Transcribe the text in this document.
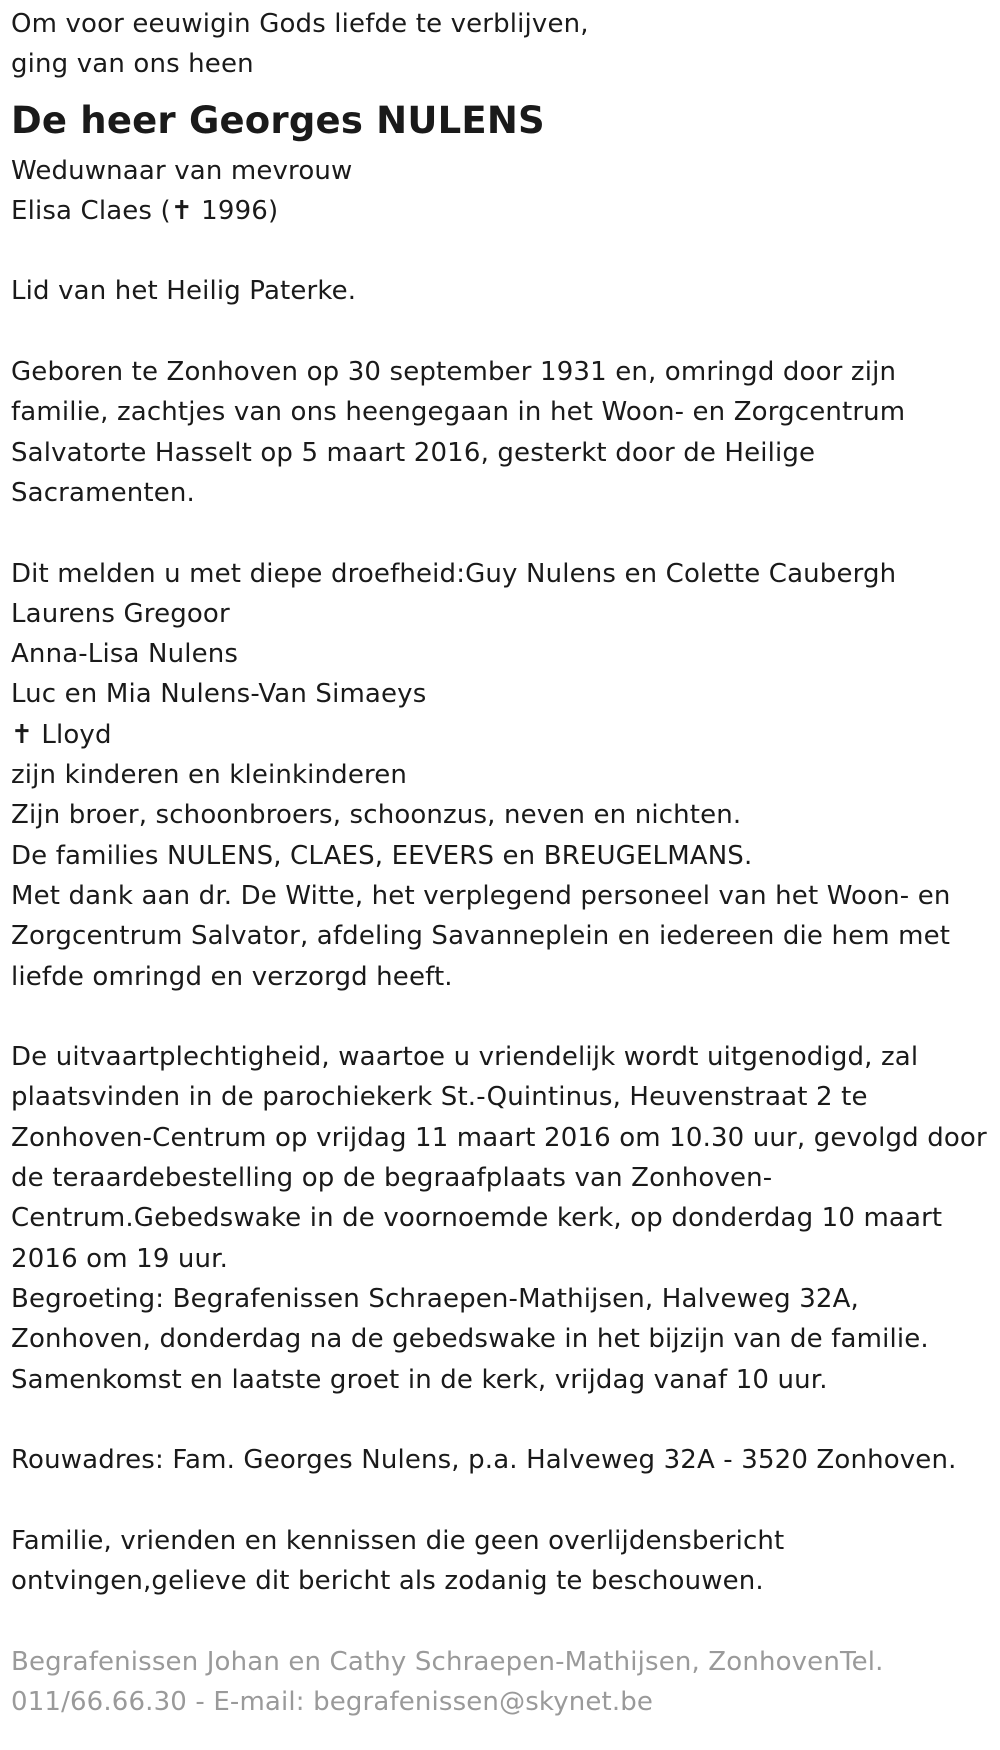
Om voor eeuwigin Gods liefde te verblijven,
ging van ons heen
De heer Georges NULENS
Weduwnaar van mevrouw
Elisa Claes (✝ 1996)
Lid van het Heilig Paterke.
Geboren te Zonhoven op 30 september 1931 en, omringd door zijn
familie, zachtjes van ons heengegaan in het Woon- en Zorgcentrum
Salvatorte Hasselt op 5 maart 2016, gesterkt door de Heilige
Sacramenten.
Dit melden u met diepe droefheid:Guy Nulens en Colette Caubergh
Laurens Gregoor
Anna-Lisa Nulens
Luc en Mia Nulens-Van Simaeys
✝ Lloyd
zijn kinderen en kleinkinderen
Zijn broer, schoonbroers, schoonzus, neven en nichten.
De families NULENS, CLAES, EEVERS en BREUGELMANS.
Met dank aan dr. De Witte, het verplegend personeel van het Woon- en
Zorgcentrum Salvator, afdeling Savanneplein en iedereen die hem met
liefde omringd en verzorgd heeft.
De uitvaartplechtigheid, waartoe u vriendelijk wordt uitgenodigd, zal
plaatsvinden in de parochiekerk St.-Quintinus, Heuvenstraat 2 te
Zonhoven-Centrum op vrijdag 11 maart 2016 om 10.30 uur, gevolgd door
de teraardebestelling op de begraafplaats van Zonhoven-
Centrum.Gebedswake in de voornoemde kerk, op donderdag 10 maart
2016 om 19 uur.
Begroeting: Begrafenissen Schraepen-Mathijsen, Halveweg 32A,
Zonhoven, donderdag na de gebedswake in het bijzijn van de familie.
Samenkomst en laatste groet in de kerk, vrijdag vanaf 10 uur.
Rouwadres: Fam. Georges Nulens, p.a. Halveweg 32A - 3520 Zonhoven.
Familie, vrienden en kennissen die geen overlijdensbericht
ontvingen,gelieve dit bericht als zodanig te beschouwen.
Begrafenissen Johan en Cathy Schraepen-Mathijsen, ZonhovenTel.
011/66.66.30 - E-mail: begrafenissen@skynet.be
